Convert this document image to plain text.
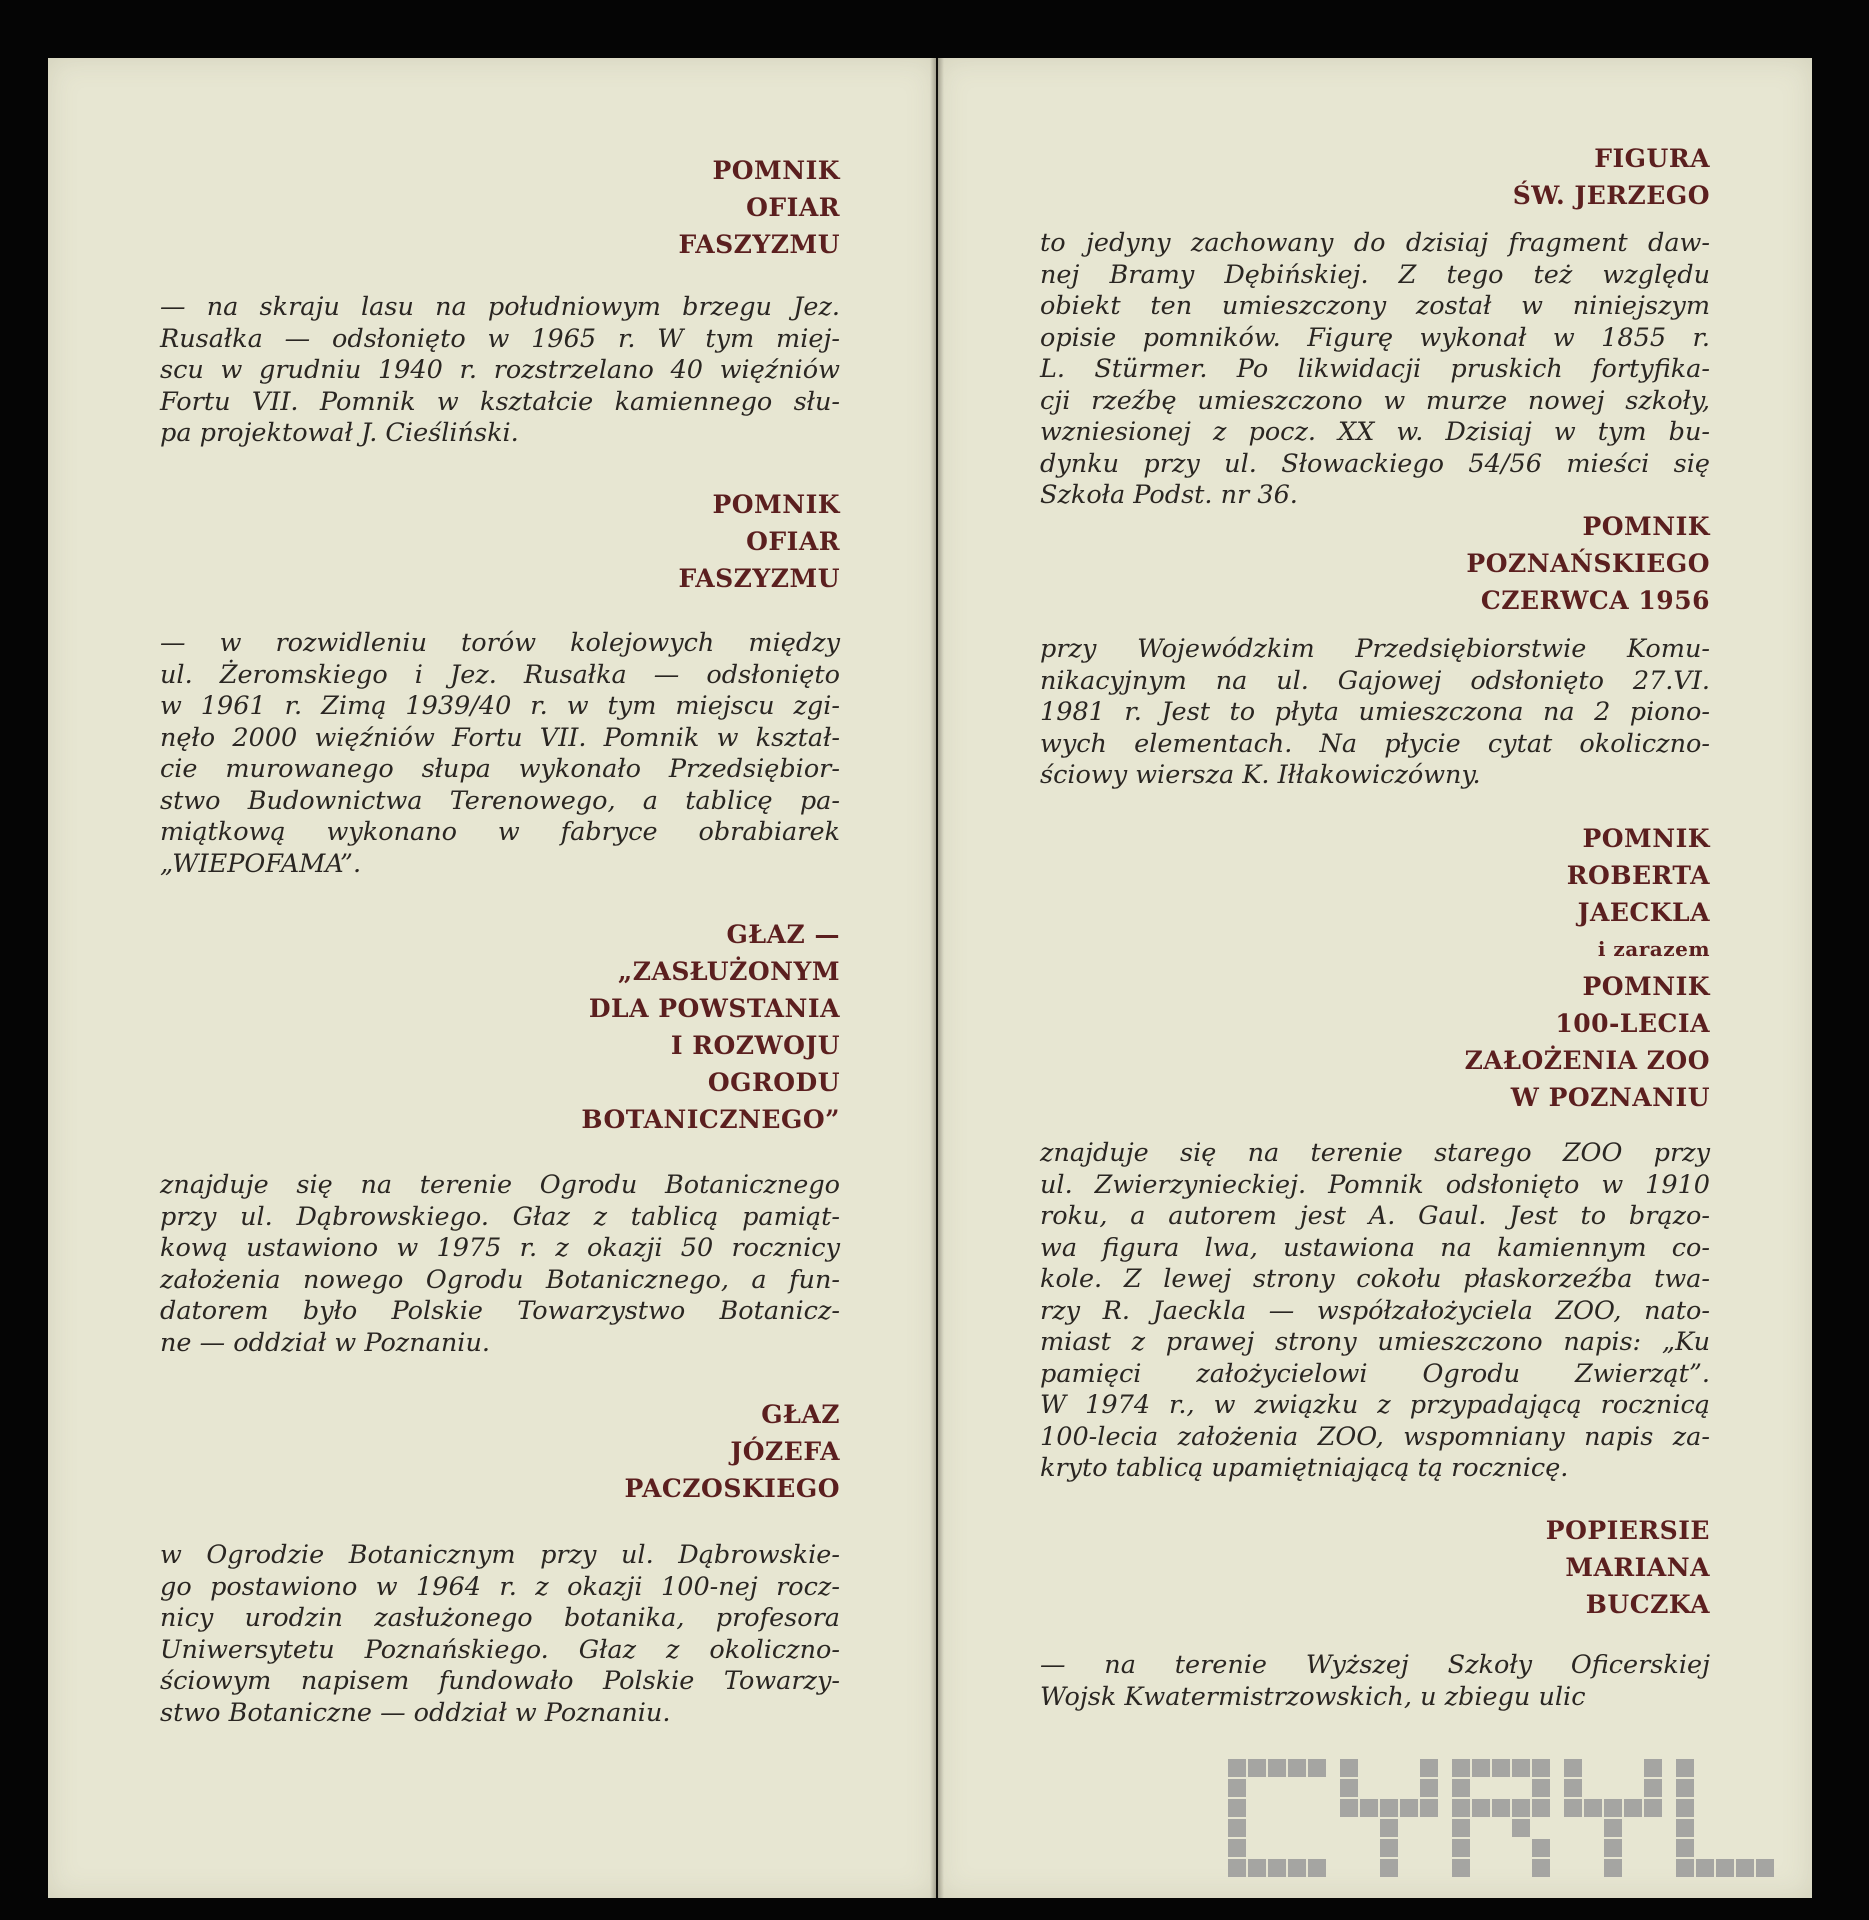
POMNIK
OFIAR
FASZYZMU
— na skraju lasu na południowym brzegu Jez.
Rusałka — odsłonięto w 1965 r. W tym miej-
scu w grudniu 1940 r. rozstrzelano 40 więźniów
Fortu VII. Pomnik w kształcie kamiennego słu-
pa projektował J. Cieśliński.
POMNIK
OFIAR
FASZYZMU
— w rozwidleniu torów kolejowych między
ul. Żeromskiego i Jez. Rusałka — odsłonięto
w 1961 r. Zimą 1939/40 r. w tym miejscu zgi-
nęło 2000 więźniów Fortu VII. Pomnik w kształ-
cie murowanego słupa wykonało Przedsiębior-
stwo Budownictwa Terenowego, a tablicę pa-
miątkową wykonano w fabryce obrabiarek
„WIEPOFAMA”.
GŁAZ —
„ZASŁUŻONYM
DLA POWSTANIA
I ROZWOJU
OGRODU
BOTANICZNEGO”
znajduje się na terenie Ogrodu Botanicznego
przy ul. Dąbrowskiego. Głaz z tablicą pamiąt-
kową ustawiono w 1975 r. z okazji 50 rocznicy
założenia nowego Ogrodu Botanicznego, a fun-
datorem było Polskie Towarzystwo Botanicz-
ne — oddział w Poznaniu.
GŁAZ
JÓZEFA
PACZOSKIEGO
w Ogrodzie Botanicznym przy ul. Dąbrowskie-
go postawiono w 1964 r. z okazji 100-nej rocz-
nicy urodzin zasłużonego botanika, profesora
Uniwersytetu Poznańskiego. Głaz z okoliczno-
ściowym napisem fundowało Polskie Towarzy-
stwo Botaniczne — oddział w Poznaniu.
FIGURA
ŚW. JERZEGO
to jedyny zachowany do dzisiaj fragment daw-
nej Bramy Dębińskiej. Z tego też względu
obiekt ten umieszczony został w niniejszym
opisie pomników. Figurę wykonał w 1855 r.
L. Stürmer. Po likwidacji pruskich fortyfika-
cji rzeźbę umieszczono w murze nowej szkoły,
wzniesionej z pocz. XX w. Dzisiaj w tym bu-
dynku przy ul. Słowackiego 54/56 mieści się
Szkoła Podst. nr 36.
POMNIK
POZNAŃSKIEGO
CZERWCA 1956
przy Wojewódzkim Przedsiębiorstwie Komu-
nikacyjnym na ul. Gajowej odsłonięto 27.VI.
1981 r. Jest to płyta umieszczona na 2 piono-
wych elementach. Na płycie cytat okoliczno-
ściowy wiersza K. Iłłakowiczówny.
POMNIK
ROBERTA
JAECKLA
i zarazem
POMNIK
100-LECIA
ZAŁOŻENIA ZOO
W POZNANIU
znajduje się na terenie starego ZOO przy
ul. Zwierzynieckiej. Pomnik odsłonięto w 1910
roku, a autorem jest A. Gaul. Jest to brązo-
wa figura lwa, ustawiona na kamiennym co-
kole. Z lewej strony cokołu płaskorzeźba twa-
rzy R. Jaeckla — współzałożyciela ZOO, nato-
miast z prawej strony umieszczono napis: „Ku
pamięci założycielowi Ogrodu Zwierząt”.
W 1974 r., w związku z przypadającą rocznicą
100-lecia założenia ZOO, wspomniany napis za-
kryto tablicą upamiętniającą tą rocznicę.
POPIERSIE
MARIANA
BUCZKA
— na terenie Wyższej Szkoły Oficerskiej
Wojsk Kwatermistrzowskich, u zbiegu ulic
